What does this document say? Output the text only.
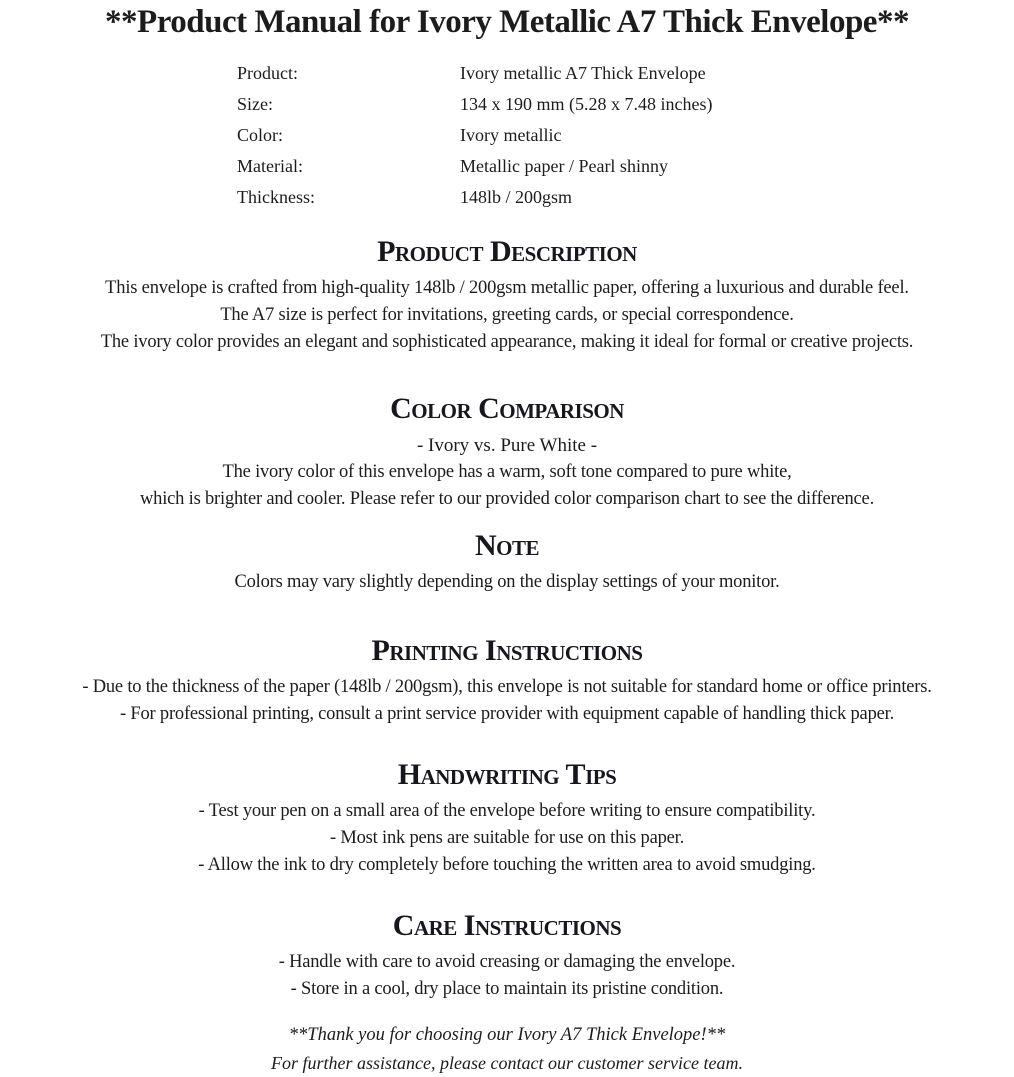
**Product Manual for Ivory Metallic A7 Thick Envelope**
Product:	Ivory metallic A7 Thick Envelope
Size:	134 x 190 mm (5.28 x 7.48 inches)
Color:	Ivory metallic
Material:	Metallic paper / Pearl shinny
Thickness:	148lb / 200gsm
Product Description
This envelope is crafted from high-quality 148lb / 200gsm metallic paper, offering a luxurious and durable feel.
The A7 size is perfect for invitations, greeting cards, or special correspondence.
The ivory color provides an elegant and sophisticated appearance, making it ideal for formal or creative projects.
Color Comparison
- Ivory vs. Pure White -
The ivory color of this envelope has a warm, soft tone compared to pure white,
which is brighter and cooler. Please refer to our provided color comparison chart to see the difference.
Note
Colors may vary slightly depending on the display settings of your monitor.
Printing Instructions
- Due to the thickness of the paper (148lb / 200gsm), this envelope is not suitable for standard home or office printers.
- For professional printing, consult a print service provider with equipment capable of handling thick paper.
Handwriting Tips
- Test your pen on a small area of the envelope before writing to ensure compatibility.
- Most ink pens are suitable for use on this paper.
- Allow the ink to dry completely before touching the written area to avoid smudging.
Care Instructions
- Handle with care to avoid creasing or damaging the envelope.
- Store in a cool, dry place to maintain its pristine condition.
**Thank you for choosing our Ivory A7 Thick Envelope!**
For further assistance, please contact our customer service team.
